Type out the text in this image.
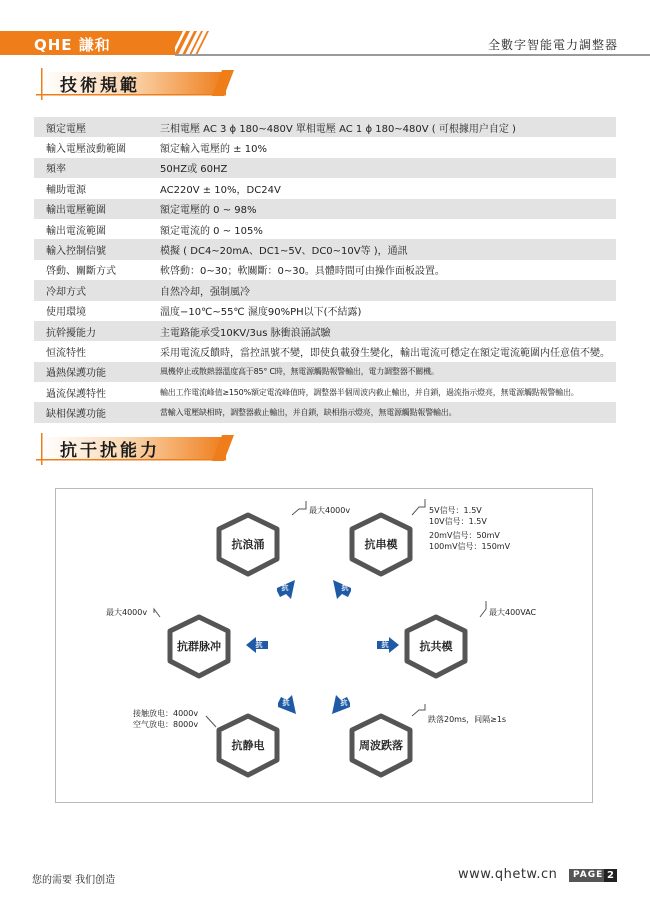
QHE 謙和	全數字智能電力調整器
技術規範
額定電壓	三相電壓 AC 3 ϕ 180~480V 單相電壓 AC 1 ϕ 180~480V ( 可根據用户自定 )
輸入電壓波動範圍	額定輸入電壓的 ± 10%
頻率	50HZ或 60HZ
輔助電源	AC220V ± 10%，DC24V
輸出電壓範圍	額定電壓的 0 ~ 98%
輸出電流範圍	額定電流的 0 ~ 105%
輸入控制信號	模擬 ( DC4~20mA、DC1~5V、DC0~10V等 )，通訊
啓動、關斷方式	軟啓動：0~30；軟關斷：0~30。具體時間可由操作面板設置。
冷却方式	自然冷却，强制風冷
使用環境	溫度−10℃~55℃ 濕度90%PH以下(不結露)
抗幹擾能力	主電路能承受10KV/3us 脉衝浪涌試驗
恒流特性	采用電流反饋時，當控訊號不變，即使負載發生變化，輸出電流可穩定在額定電流範圍内任意值不變。
過熱保護功能	風機停止或散熱器溫度高于85° C時，無電源觸點報警輸出，電力調整器不關機。
過流保護特性	輸出工作電流峰值≥150%額定電流峰值時，調整器半個周波内截止輸出，并自鎖，過流指示燈亮，無電源觸點報警輸出。
缺相保護功能	當輸入電壓缺相時，調整器截止輸出，并自鎖，缺相指示燈亮，無電源觸點報警輸出。
抗干扰能力
抗浪涌	抗串模
抗群脉冲	抗共模
抗静电	周波跌落
抗	抗
抗	抗
抗	抗
最大4000v	5V信号：1.5V
10V信号：1.5V
20mV信号：50mV
100mV信号：150mV
最大4000v	最大400VAC
接触放电：4000v
空气放电：8000v
跌落20ms，间隔≥1s
您的需要 我们创造	www.qhetw.cn	PAGE 2
